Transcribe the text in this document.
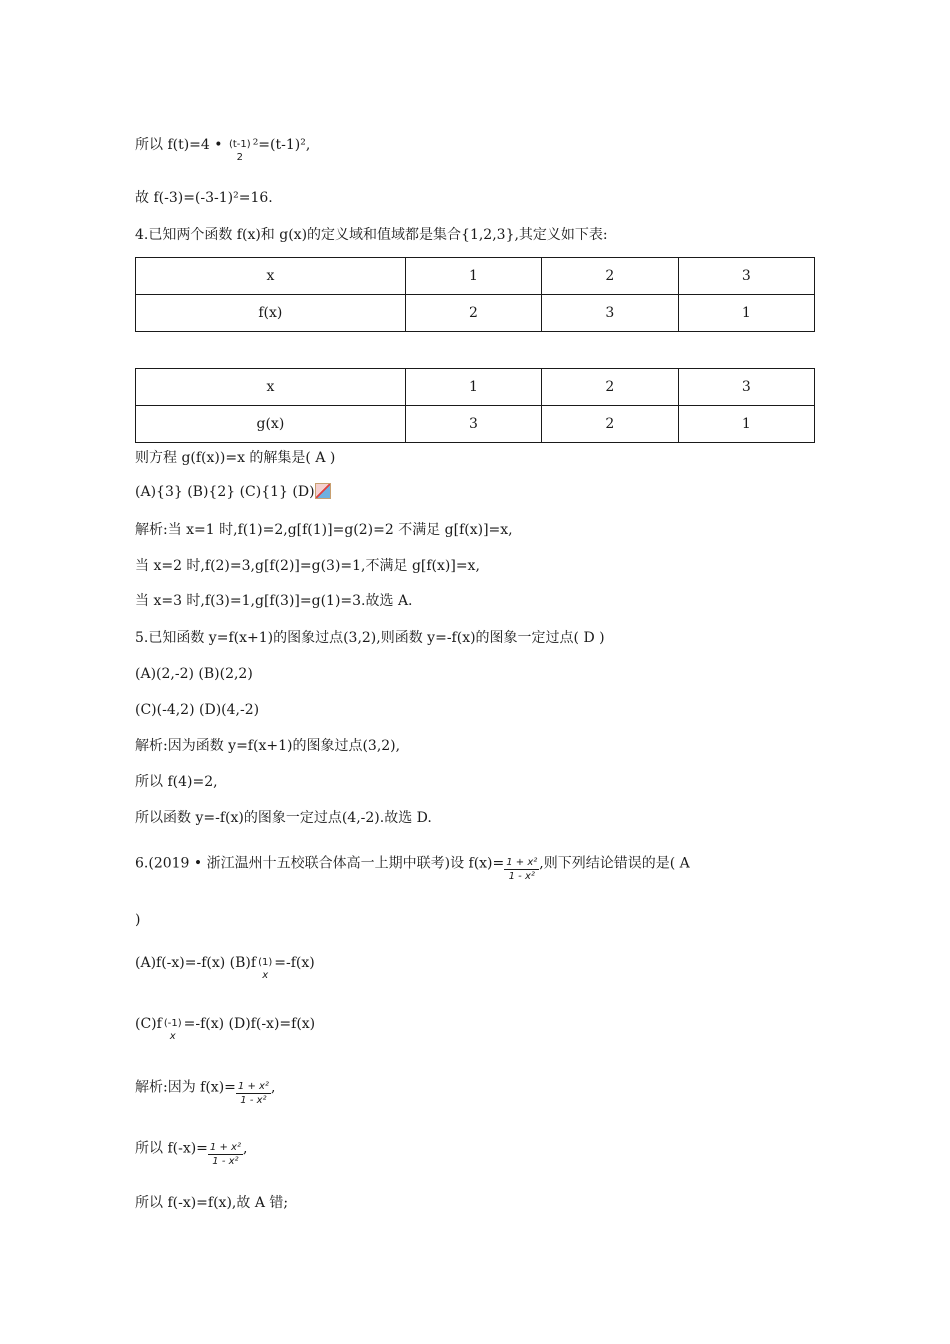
所以 f(t)=4 • (t-1)
2
²=(t-1)²,
故 f(-3)=(-3-1)²=16.
4.已知两个函数 f(x)和 g(x)的定义域和值域都是集合{1,2,3},其定义如下表:
x	1	2	3
f(x)	2	3	1
x	1	2	3
g(x)	3	2	1
则方程 g(f(x))=x 的解集是( A )
(A){3} (B){2} (C){1} (D)
解析:当 x=1 时,f(1)=2,g[f(1)]=g(2)=2 不满足 g[f(x)]=x,
当 x=2 时,f(2)=3,g[f(2)]=g(3)=1,不满足 g[f(x)]=x,
当 x=3 时,f(3)=1,g[f(3)]=g(1)=3.故选 A.
5.已知函数 y=f(x+1)的图象过点(3,2),则函数 y=-f(x)的图象一定过点( D )
(A)(2,-2) (B)(2,2)
(C)(-4,2) (D)(4,-2)
解析:因为函数 y=f(x+1)的图象过点(3,2),
所以 f(4)=2,
所以函数 y=-f(x)的图象一定过点(4,-2).故选 D.
6.(2019 • 浙江温州十五校联合体高一上期中联考)设 $f(x)= \frac{\text{1 + x²}}{\text{1 - x²}}$ ,则下列结论错误的是( A
)
(A)f(-x)=-f(x) (B)f (1)
x
=-f(x)
(C)f (-1)
x
=-f(x) (D)f(-x)=f(x)
解析:因为 $f(x)= \frac{\text{1 + x²}}{\text{1 - x²}}$ ,
所以 $f(-x)= \frac{\text{1 + x²}}{\text{1 - x²}}$ ,
所以 f(-x)=f(x),故 A 错;
